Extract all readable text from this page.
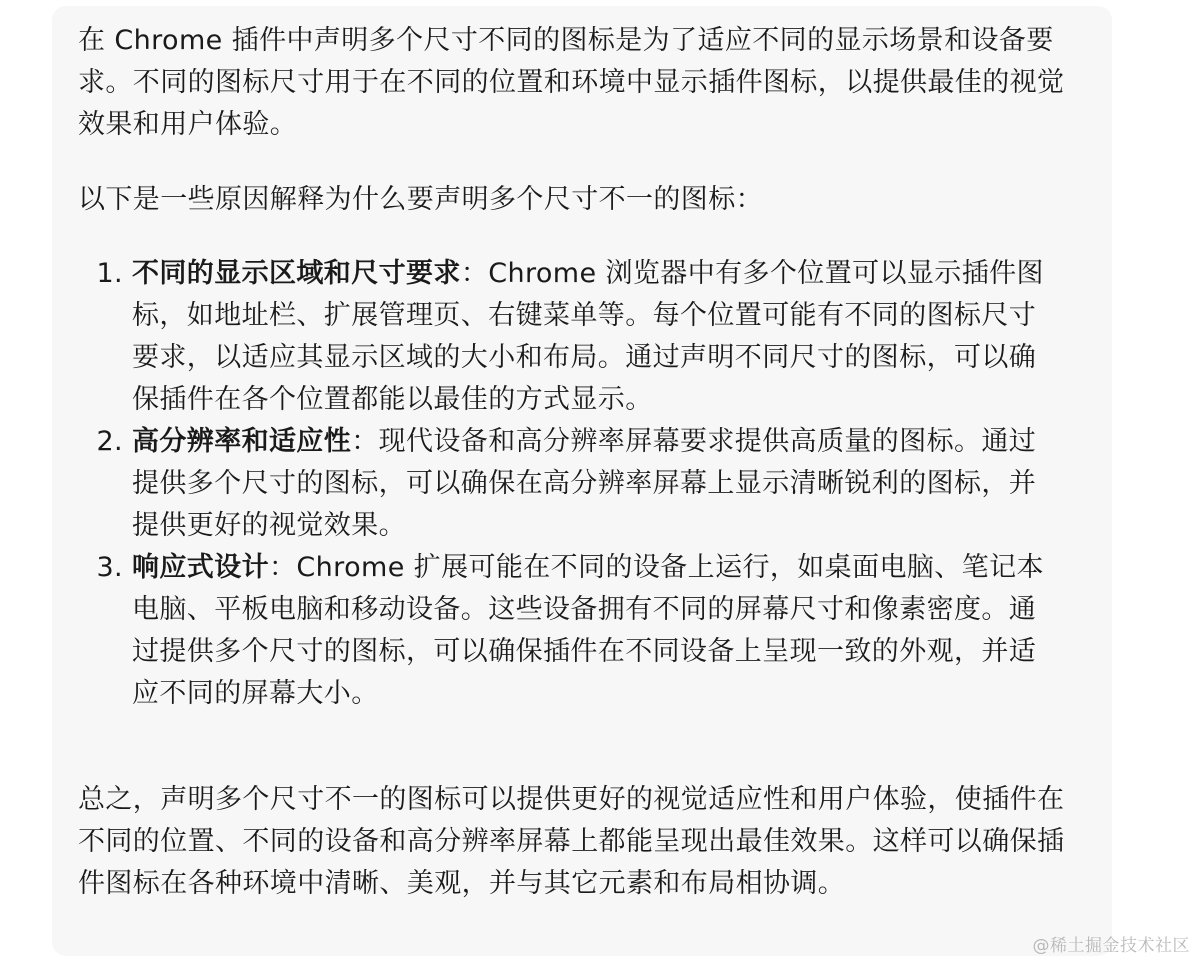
在 Chrome 插件中声明多个尺寸不同的图标是为了适应不同的显示场景和设备要求。不同的图标尺寸用于在不同的位置和环境中显示插件图标，以提供最佳的视觉效果和用户体验。

以下是一些原因解释为什么要声明多个尺寸不一的图标：

1. 不同的显示区域和尺寸要求：Chrome 浏览器中有多个位置可以显示插件图标，如地址栏、扩展管理页、右键菜单等。每个位置可能有不同的图标尺寸要求，以适应其显示区域的大小和布局。通过声明不同尺寸的图标，可以确保插件在各个位置都能以最佳的方式显示。
2. 高分辨率和适应性：现代设备和高分辨率屏幕要求提供高质量的图标。通过提供多个尺寸的图标，可以确保在高分辨率屏幕上显示清晰锐利的图标，并提供更好的视觉效果。
3. 响应式设计：Chrome 扩展可能在不同的设备上运行，如桌面电脑、笔记本电脑、平板电脑和移动设备。这些设备拥有不同的屏幕尺寸和像素密度。通过提供多个尺寸的图标，可以确保插件在不同设备上呈现一致的外观，并适应不同的屏幕大小。

总之，声明多个尺寸不一的图标可以提供更好的视觉适应性和用户体验，使插件在不同的位置、不同的设备和高分辨率屏幕上都能呈现出最佳效果。这样可以确保插件图标在各种环境中清晰、美观，并与其它元素和布局相协调。

@稀土掘金技术社区
